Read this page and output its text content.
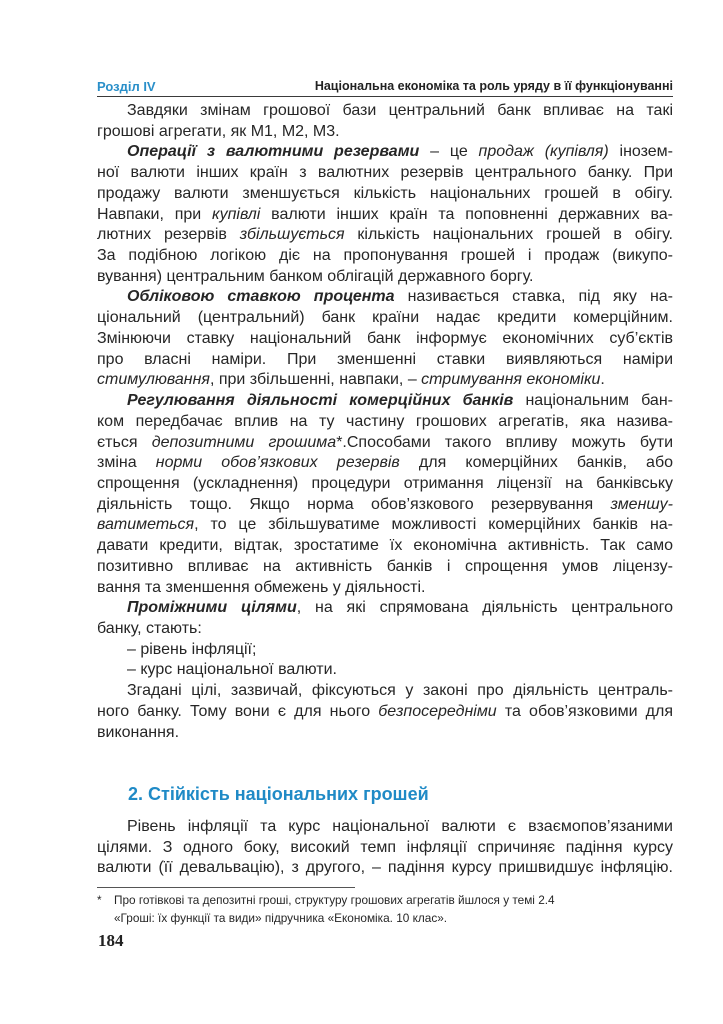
Розділ IV	Національна економіка та роль уряду в її функціонуванні
Завдяки змінам грошової бази центральний банк впливає на такі
грошові агрегати, як М1, М2, М3.
Операції з валютними резервами – це продаж (купівля) інозем-
ної валюти інших країн з валютних резервів центрального банку. При
продажу валюти зменшується кількість національних грошей в обігу.
Навпаки, при купівлі валюти інших країн та поповненні державних ва-
лютних резервів збільшується кількість національних грошей в обігу.
За подібною логікою діє на пропонування грошей і продаж (викупо-
вування) центральним банком облігацій державного боргу.
Обліковою ставкою процента називається ставка, під яку на-
ціональний (центральний) банк країни надає кредити комерційним.
Змінюючи ставку національний банк інформує економічних суб’єктів
про власні наміри. При зменшенні ставки виявляються наміри
стимулювання, при збільшенні, навпаки, – стримування економіки.
Регулювання діяльності комерційних банків національним бан-
ком передбачає вплив на ту частину грошових агрегатів, яка назива-
ється депозитними грошима*.Способами такого впливу можуть бути
зміна норми обов’язкових резервів для комерційних банків, або
спрощення (ускладнення) процедури отримання ліцензії на банківську
діяльність тощо. Якщо норма обов’язкового резервування зменшу-
ватиметься, то це збільшуватиме можливості комерційних банків на-
давати кредити, відтак, зростатиме їх економічна активність. Так само
позитивно впливає на активність банків і спрощення умов ліцензу-
вання та зменшення обмежень у діяльності.
Проміжними цілями, на які спрямована діяльність центрального
банку, стають:
– рівень інфляції;
– курс національної валюти.
Згадані цілі, зазвичай, фіксуються у законі про діяльність централь-
ного банку. Тому вони є для нього безпосередніми та обов’язковими для
виконання.
2. Стійкість національних грошей
Рівень інфляції та курс національної валюти є взаємопов’язаними
цілями. З одного боку, високий темп інфляції спричиняє падіння курсу
валюти (її девальвацію), з другого, – падіння курсу пришвидшує інфляцію.
* Про готівкові та депозитні гроші, структуру грошових агрегатів йшлося у темі 2.4
«Гроші: їх функції та види» підручника «Економіка. 10 клас».
184
